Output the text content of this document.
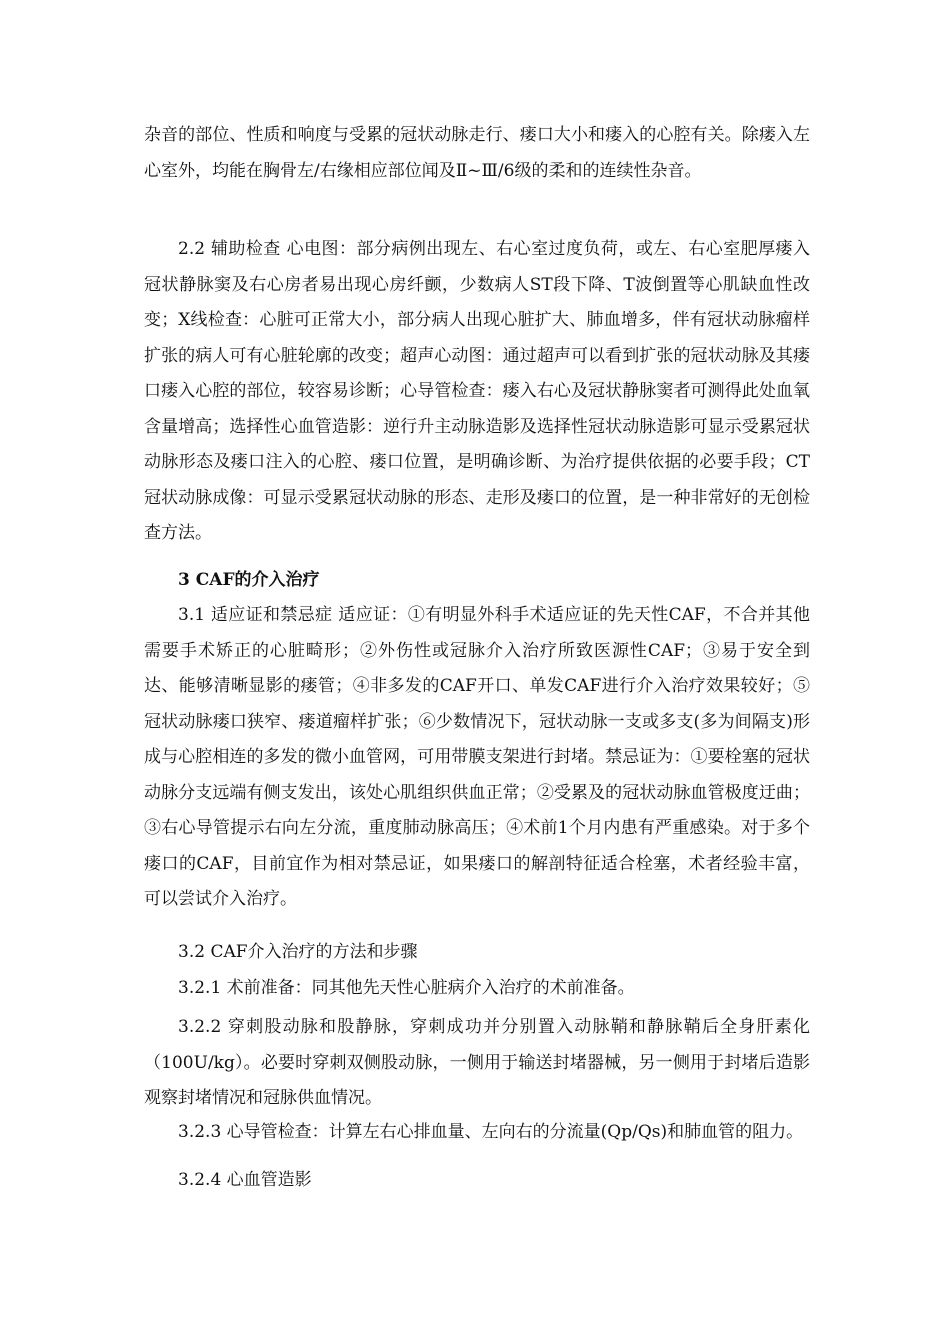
杂音的部位、性质和响度与受累的冠状动脉走行、瘘口大小和瘘入的心腔有关。除瘘入左心室外，均能在胸骨左/右缘相应部位闻及Ⅱ~Ⅲ/6级的柔和的连续性杂音。

2.2 辅助检查 心电图：部分病例出现左、右心室过度负荷，或左、右心室肥厚瘘入冠状静脉窦及右心房者易出现心房纤颤，少数病人ST段下降、T波倒置等心肌缺血性改变；X线检查：心脏可正常大小，部分病人出现心脏扩大、肺血增多，伴有冠状动脉瘤样扩张的病人可有心脏轮廓的改变；超声心动图：通过超声可以看到扩张的冠状动脉及其瘘口瘘入心腔的部位，较容易诊断；心导管检查：瘘入右心及冠状静脉窦者可测得此处血氧含量增高；选择性心血管造影：逆行升主动脉造影及选择性冠状动脉造影可显示受累冠状动脉形态及瘘口注入的心腔、瘘口位置，是明确诊断、为治疗提供依据的必要手段；CT冠状动脉成像：可显示受累冠状动脉的形态、走形及瘘口的位置，是一种非常好的无创检查方法。

3 CAF的介入治疗

3.1 适应证和禁忌症 适应证：①有明显外科手术适应证的先天性CAF，不合并其他需要手术矫正的心脏畸形；②外伤性或冠脉介入治疗所致医源性CAF；③易于安全到达、能够清晰显影的瘘管；④非多发的CAF开口、单发CAF进行介入治疗效果较好；⑤冠状动脉瘘口狭窄、瘘道瘤样扩张；⑥少数情况下，冠状动脉一支或多支(多为间隔支)形成与心腔相连的多发的微小血管网，可用带膜支架进行封堵。禁忌证为：①要栓塞的冠状动脉分支远端有侧支发出，该处心肌组织供血正常；②受累及的冠状动脉血管极度迂曲；③右心导管提示右向左分流，重度肺动脉高压；④术前1个月内患有严重感染。对于多个瘘口的CAF，目前宜作为相对禁忌证，如果瘘口的解剖特征适合栓塞，术者经验丰富，可以尝试介入治疗。

3.2 CAF介入治疗的方法和步骤

3.2.1 术前准备：同其他先天性心脏病介入治疗的术前准备。

3.2.2 穿刺股动脉和股静脉，穿刺成功并分别置入动脉鞘和静脉鞘后全身肝素化（100U/kg）。必要时穿刺双侧股动脉，一侧用于输送封堵器械，另一侧用于封堵后造影观察封堵情况和冠脉供血情况。

3.2.3 心导管检查：计算左右心排血量、左向右的分流量(Qp/Qs)和肺血管的阻力。

3.2.4 心血管造影
